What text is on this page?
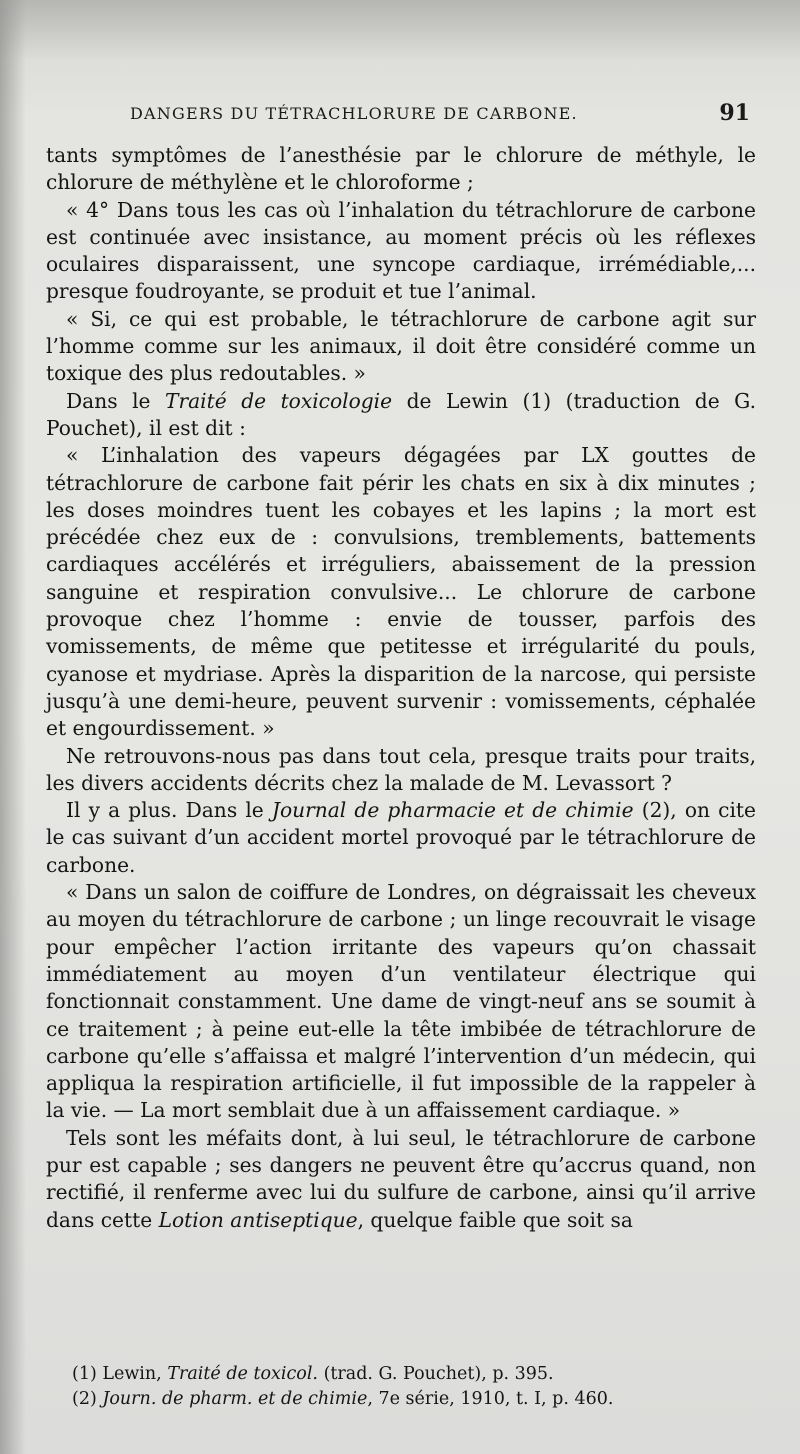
DANGERS DU TÉTRACHLORURE DE CARBONE.	91

tants symptômes de l’anesthésie par le chlorure de méthyle, le chlorure de méthylène et le chloroforme ;

« 4° Dans tous les cas où l’inhalation du tétrachlorure de carbone est continuée avec insistance, au moment précis où les réflexes oculaires disparaissent, une syncope cardiaque, irrémédiable,... presque foudroyante, se produit et tue l’animal.

« Si, ce qui est probable, le tétrachlorure de carbone agit sur l’homme comme sur les animaux, il doit être considéré comme un toxique des plus redoutables. »

Dans le Traité de toxicologie de Lewin (1) (traduction de G. Pouchet), il est dit :

« L’inhalation des vapeurs dégagées par LX gouttes de tétrachlorure de carbone fait périr les chats en six à dix minutes ; les doses moindres tuent les cobayes et les lapins ; la mort est précédée chez eux de : convulsions, tremblements, battements cardiaques accélérés et irréguliers, abaissement de la pression sanguine et respiration convulsive... Le chlorure de carbone provoque chez l’homme : envie de tousser, parfois des vomissements, de même que petitesse et irrégularité du pouls, cyanose et mydriase. Après la disparition de la narcose, qui persiste jusqu’à une demi-heure, peuvent survenir : vomissements, céphalée et engourdissement. »

Ne retrouvons-nous pas dans tout cela, presque traits pour traits, les divers accidents décrits chez la malade de M. Levassort ?

Il y a plus. Dans le Journal de pharmacie et de chimie (2), on cite le cas suivant d’un accident mortel provoqué par le tétrachlorure de carbone.

« Dans un salon de coiffure de Londres, on dégraissait les cheveux au moyen du tétrachlorure de carbone ; un linge recouvrait le visage pour empêcher l’action irritante des vapeurs qu’on chassait immédiatement au moyen d’un ventilateur électrique qui fonctionnait constamment. Une dame de vingt-neuf ans se soumit à ce traitement ; à peine eut-elle la tête imbibée de tétrachlorure de carbone qu’elle s’affaissa et malgré l’intervention d’un médecin, qui appliqua la respiration artificielle, il fut impossible de la rappeler à la vie. — La mort semblait due à un affaissement cardiaque. »

Tels sont les méfaits dont, à lui seul, le tétrachlorure de carbone pur est capable ; ses dangers ne peuvent être qu’accrus quand, non rectifié, il renferme avec lui du sulfure de carbone, ainsi qu’il arrive dans cette Lotion antiseptique, quelque faible que soit sa

(1) Lewin, Traité de toxicol. (trad. G. Pouchet), p. 395.
(2) Journ. de pharm. et de chimie, 7e série, 1910, t. I, p. 460.
